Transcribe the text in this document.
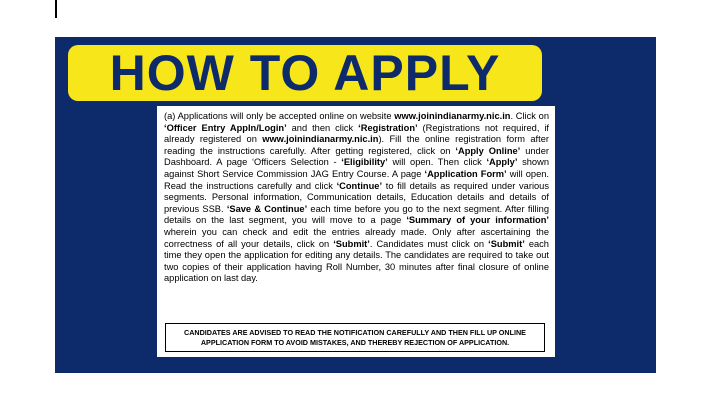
HOW TO APPLY

(a) Applications will only be accepted online on website www.joinindianarmy.nic.in. Click on ‘Officer Entry Appln/Login’ and then click ‘Registration’ (Registrations not required, if already registered on www.joinindianarmy.nic.in). Fill the online registration form after reading the instructions carefully. After getting registered, click on ‘Apply Online’ under Dashboard. A page ‘Officers Selection - ‘Eligibility’ will open. Then click ‘Apply’ shown against Short Service Commission JAG Entry Course. A page ‘Application Form’ will open. Read the instructions carefully and click ‘Continue’ to fill details as required under various segments. Personal information, Communication details, Education details and details of previous SSB. ‘Save & Continue’ each time before you go to the next segment. After filling details on the last segment, you will move to a page ‘Summary of your information’ wherein you can check and edit the entries already made. Only after ascertaining the correctness of all your details, click on ‘Submit’. Candidates must click on ‘Submit’ each time they open the application for editing any details. The candidates are required to take out two copies of their application having Roll Number, 30 minutes after final closure of online application on last day.

CANDIDATES ARE ADVISED TO READ THE NOTIFICATION CAREFULLY AND THEN FILL UP ONLINE APPLICATION FORM TO AVOID MISTAKES, AND THEREBY REJECTION OF APPLICATION.
